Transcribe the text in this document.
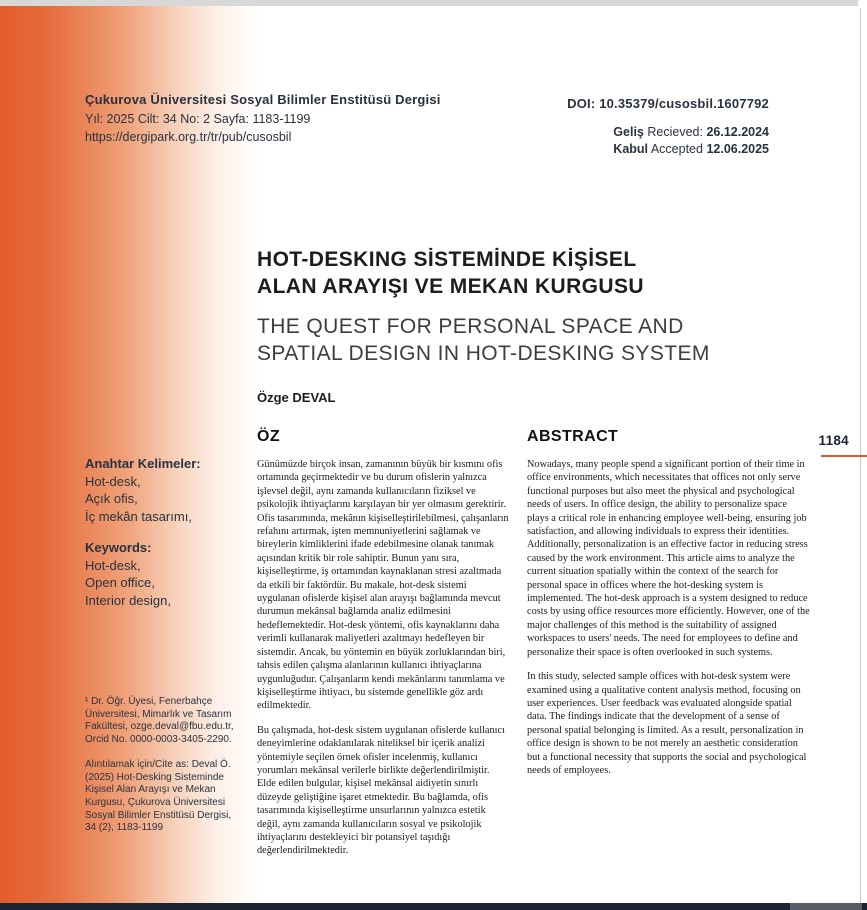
Çukurova Üniversitesi Sosyal Bilimler Enstitüsü Dergisi
Yıl: 2025 Cilt: 34 No: 2 Sayfa: 1183-1199
https://dergipark.org.tr/tr/pub/cusosbil
DOI: 10.35379/cusosbil.1607792
Geliş Recieved: 26.12.2024
Kabul Accepted 12.06.2025
HOT-DESKING SİSTEMİNDE KİŞİSEL
ALAN ARAYIŞI VE MEKAN KURGUSU
THE QUEST FOR PERSONAL SPACE AND
SPATIAL DESIGN IN HOT-DESKING SYSTEM
Özge DEVAL
ÖZ

Günümüzde birçok insan, zamanının büyük bir kısmını ofis ortamında geçirmektedir ve bu durum ofislerin yalnızca işlevsel değil, aynı zamanda kullanıcıların fiziksel ve psikolojik ihtiyaçlarını karşılayan bir yer olmasını gerektirir. Ofis tasarımında, mekânın kişiselleştirilebilmesi, çalışanların refahını artırmak, işten memnuniyetlerini sağlamak ve bireylerin kimliklerini ifade edebilmesine olanak tanımak açısından kritik bir role sahiptir. Bunun yanı sıra, kişiselleştirme, iş ortamından kaynaklanan stresi azaltmada da etkili bir faktördür. Bu makale, hot-desk sistemi uygulanan ofislerde kişisel alan arayışı bağlamında mevcut durumun mekânsal bağlamda analiz edilmesini hedeflemektedir. Hot-desk yöntemi, ofis kaynaklarını daha verimli kullanarak maliyetleri azaltmayı hedefleyen bir sistemdir. Ancak, bu yöntemin en büyük zorluklarından biri, tahsis edilen çalışma alanlarının kullanıcı ihtiyaçlarına uygunluğudur. Çalışanların kendi mekânlarını tanımlama ve kişiselleştirme ihtiyacı, bu sistemde genellikle göz ardı edilmektedir.

Bu çalışmada, hot-desk sistem uygulanan ofislerde kullanıcı deneyimlerine odaklanılarak niteliksel bir içerik analizi yöntemiyle seçilen örnek ofisler incelenmiş, kullanıcı yorumları mekânsal verilerle birlikte değerlendirilmiştir. Elde edilen bulgular, kişisel mekânsal aidiyetin sınırlı düzeyde geliştiğine işaret etmektedir. Bu bağlamda, ofis tasarımında kişiselleştirme unsurlarının yalnızca estetik değil, aynı zamanda kullanıcıların sosyal ve psikolojik ihtiyaçlarını destekleyici bir potansiyel taşıdığı değerlendirilmektedir.

ABSTRACT

Nowadays, many people spend a significant portion of their time in office environments, which necessitates that offices not only serve functional purposes but also meet the physical and psychological needs of users. In office design, the ability to personalize space plays a critical role in enhancing employee well-being, ensuring job satisfaction, and allowing individuals to express their identities. Additionally, personalization is an effective factor in reducing stress caused by the work environment. This article aims to analyze the current situation spatially within the context of the search for personal space in offices where the hot-desking system is implemented. The hot-desk approach is a system designed to reduce costs by using office resources more efficiently. However, one of the major challenges of this method is the suitability of assigned workspaces to users' needs. The need for employees to define and personalize their space is often overlooked in such systems.

In this study, selected sample offices with hot-desk system were examined using a qualitative content analysis method, focusing on user experiences. User feedback was evaluated alongside spatial data. The findings indicate that the development of a sense of personal spatial belonging is limited. As a result, personalization in office design is shown to be not merely an aesthetic consideration but a functional necessity that supports the social and psychological needs of employees.

Anahtar Kelimeler:
Hot-desk,
Açık ofis,
İç mekân tasarımı,
Keywords:
Hot-desk,
Open office,
Interior design,

¹ Dr. Öğr. Üyesi, Fenerbahçe Üniversitesi, Mimarlık ve Tasarım Fakültesi, ozge.deval@fbu.edu.tr, Orcid No. 0000-0003-3405-2290.

Alıntılamak için/Cite as: Deval Ö. (2025) Hot-Desking Sisteminde Kişisel Alan Arayışı ve Mekan Kurgusu, Çukurova Üniversitesi Sosyal Bilimler Enstitüsü Dergisi, 34 (2), 1183-1199

1184
